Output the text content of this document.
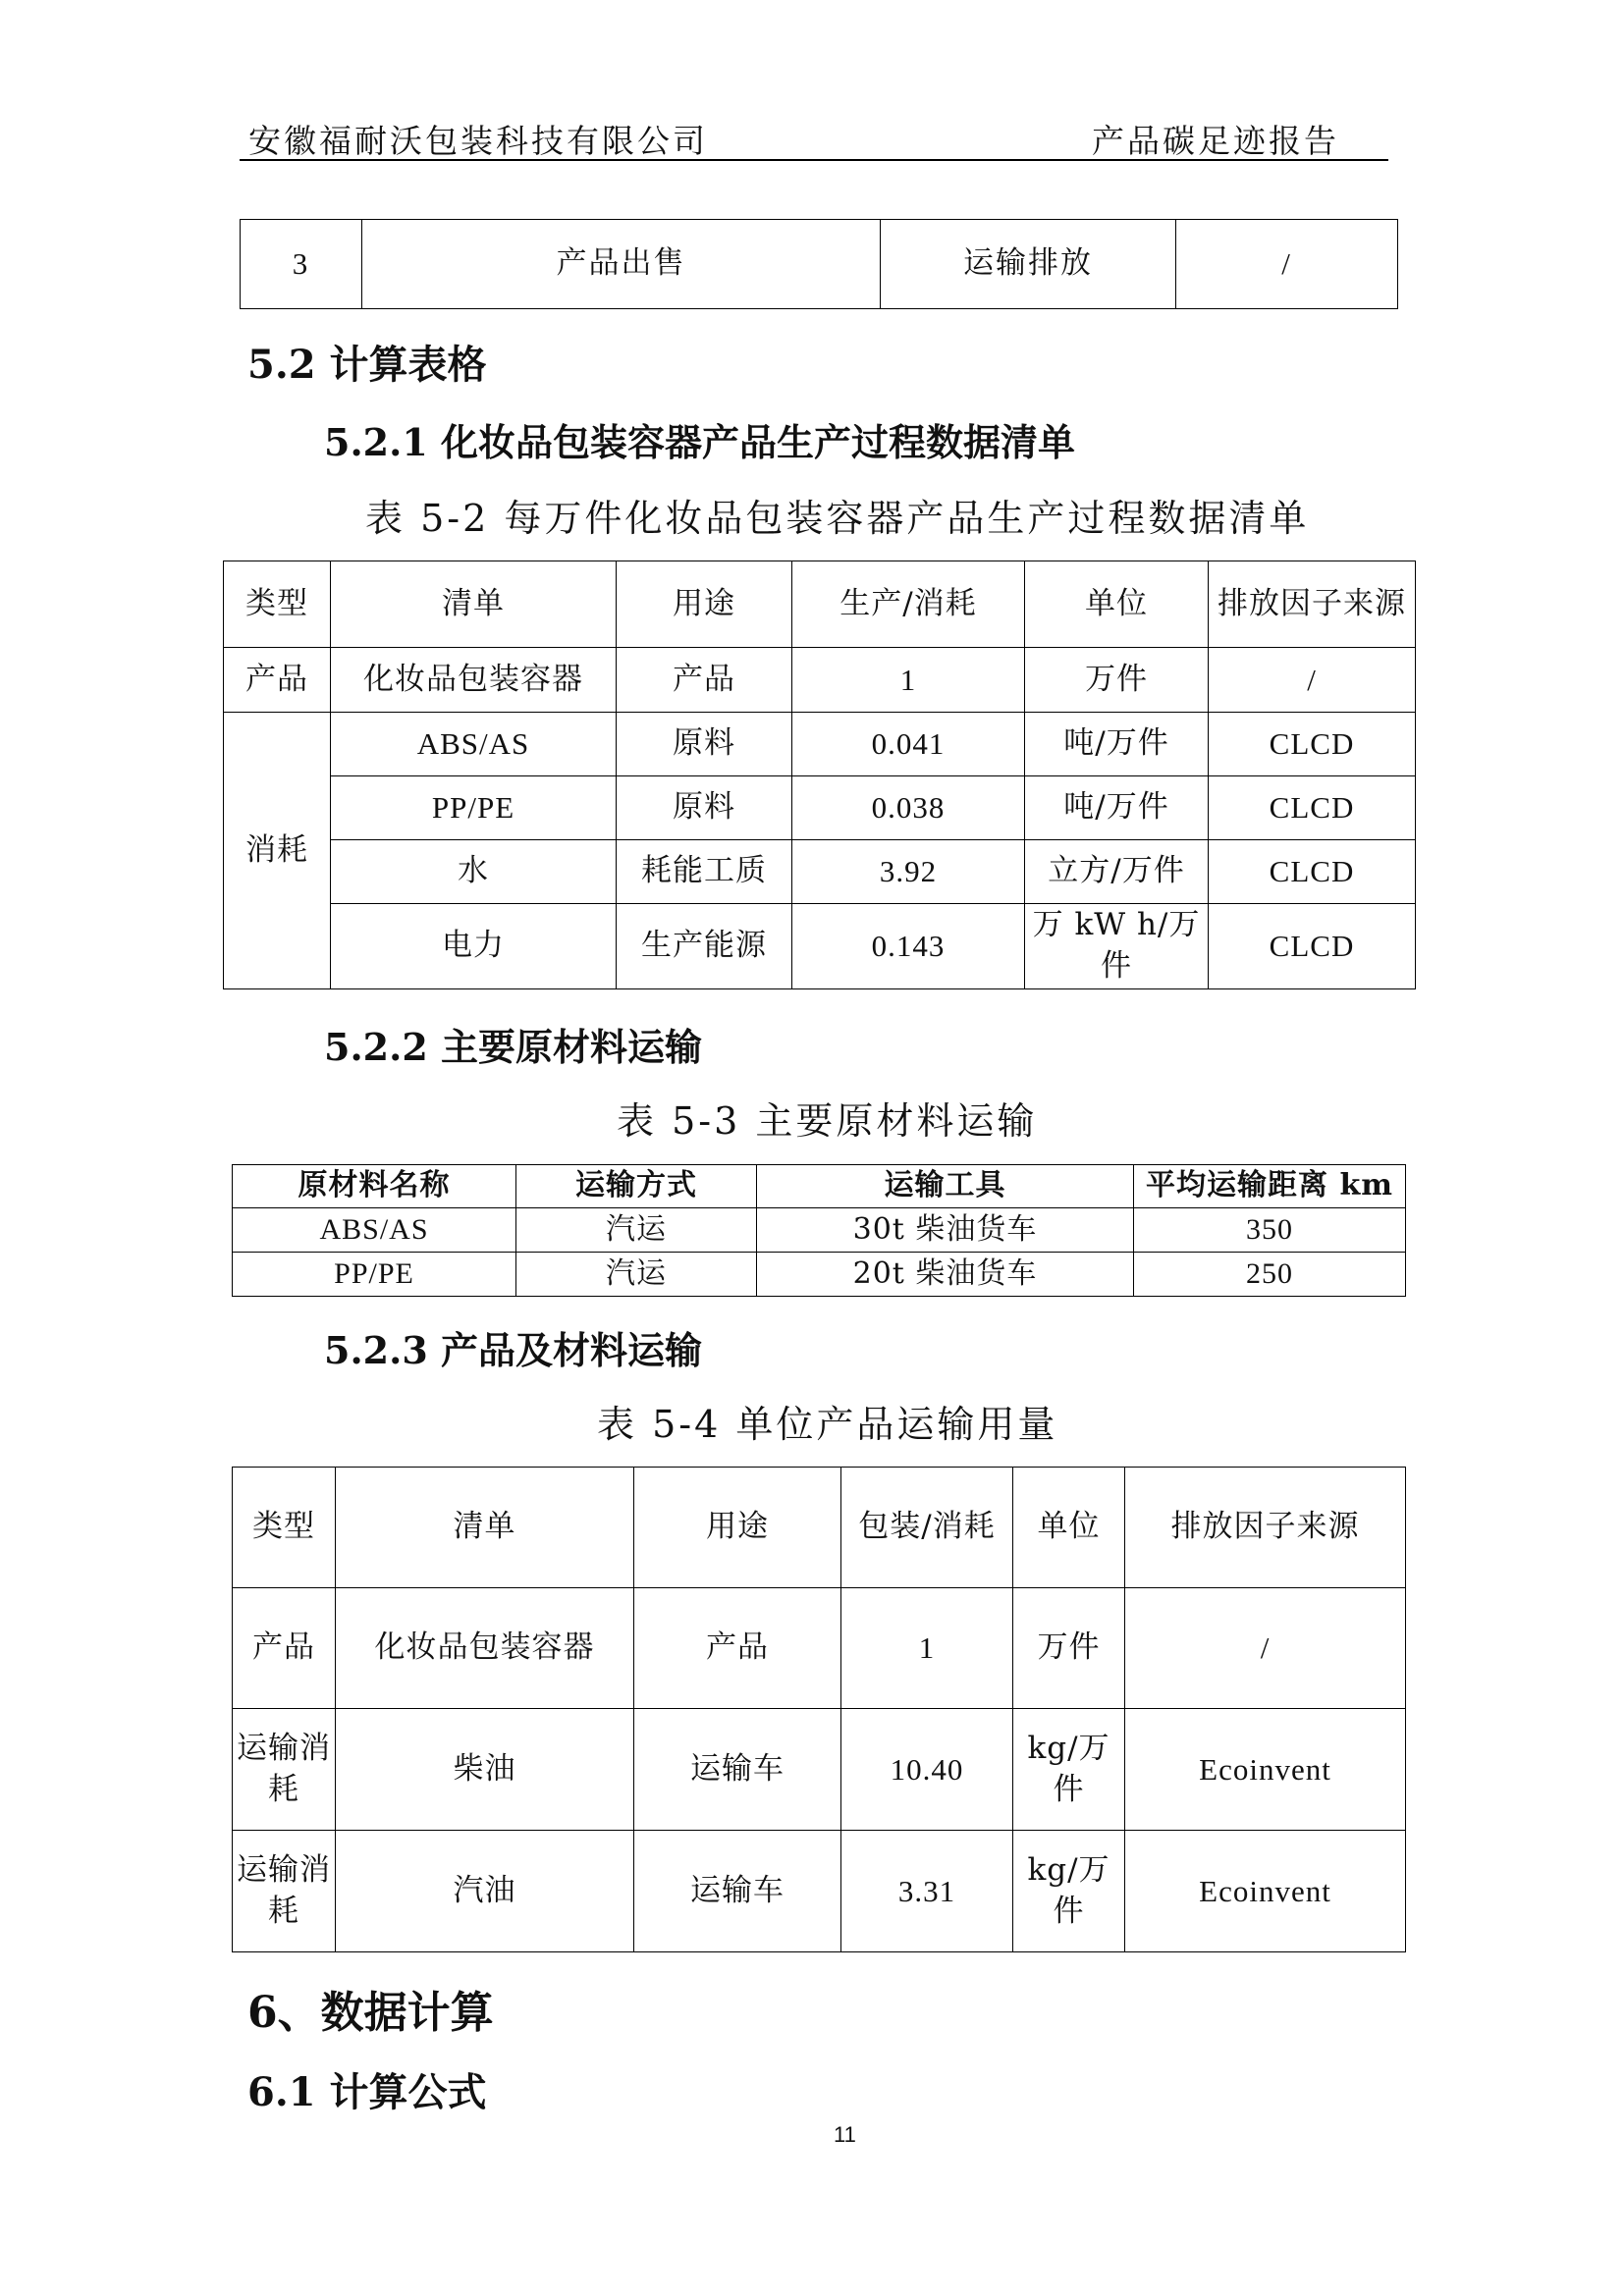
安徽福耐沃包装科技有限公司	产品碳足迹报告
3	产品出售	运输排放	/
5.2 计算表格
5.2.1 化妆品包装容器产品生产过程数据清单
表 5-2 每万件化妆品包装容器产品生产过程数据清单
类型	清单	用途	生产/消耗	单位	排放因子来源
产品	化妆品包装容器	产品	1	万件	/
消耗	ABS/AS	原料	0.041	吨/万件	CLCD
	PP/PE	原料	0.038	吨/万件	CLCD
	水	耗能工质	3.92	立方/万件	CLCD
	电力	生产能源	0.143	万 kW h/万件	CLCD
5.2.2 主要原材料运输
表 5-3 主要原材料运输
原材料名称	运输方式	运输工具	平均运输距离 km
ABS/AS	汽运	30t 柴油货车	350
PP/PE	汽运	20t 柴油货车	250
5.2.3 产品及材料运输
表 5-4 单位产品运输用量
类型	清单	用途	包装/消耗	单位	排放因子来源
产品	化妆品包装容器	产品	1	万件	/
运输消耗	柴油	运输车	10.40	kg/万件	Ecoinvent
运输消耗	汽油	运输车	3.31	kg/万件	Ecoinvent
6、数据计算
6.1 计算公式
11
